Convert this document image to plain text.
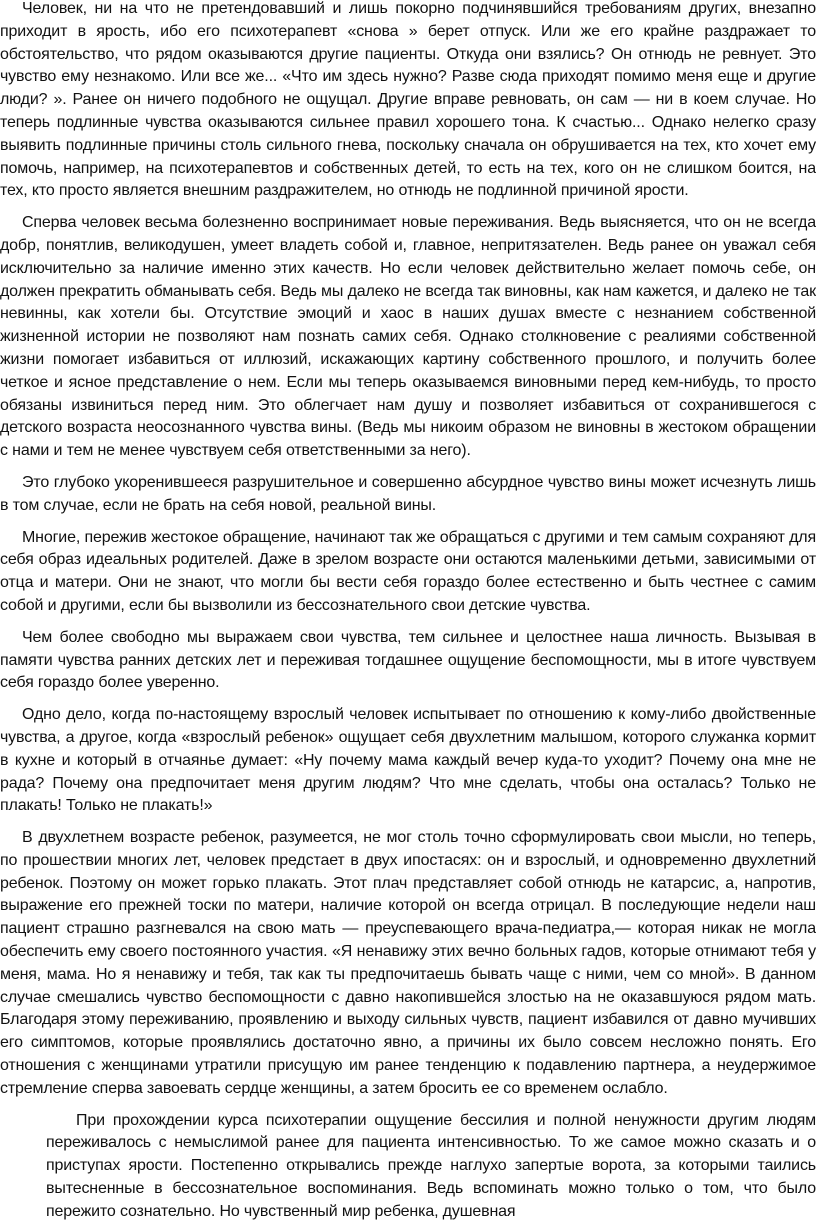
Человек, ни на что не претендовавший и лишь покорно подчинявшийся требованиям других, внезапно приходит в ярость, ибо его психотерапевт «снова » берет отпуск. Или же его крайне раздражает то обстоятельство, что рядом оказываются другие пациенты. Откуда они взялись? Он отнюдь не ревнует. Это чувство ему незнакомо. Или все же... «Что им здесь нужно? Разве сюда приходят помимо меня еще и другие люди? ». Ранее он ничего подобного не ощущал. Другие вправе ревновать, он сам — ни в коем случае. Но теперь подлинные чувства оказываются сильнее правил хорошего тона. К счастью... Однако нелегко сразу выявить подлинные причины столь сильного гнева, поскольку сначала он обрушивается на тех, кто хочет ему помочь, например, на психотерапевтов и собственных детей, то есть на тех, кого он не слишком боится, на тех, кто просто является внешним раздражителем, но отнюдь не подлинной причиной ярости.

Сперва человек весьма болезненно воспринимает новые переживания. Ведь выясняется, что он не всегда добр, понятлив, великодушен, умеет владеть собой и, главное, непритязателен. Ведь ранее он уважал себя исключительно за наличие именно этих качеств. Но если человек действительно желает помочь себе, он должен прекратить обманывать себя. Ведь мы далеко не всегда так виновны, как нам кажется, и далеко не так невинны, как хотели бы. Отсутствие эмоций и хаос в наших душах вместе с незнанием собственной жизненной истории не позволяют нам познать самих себя. Однако столкновение с реалиями собственной жизни помогает избавиться от иллюзий, искажающих картину собственного прошлого, и получить более четкое и ясное представление о нем. Если мы теперь оказываемся виновными перед кем-нибудь, то просто обязаны извиниться перед ним. Это облегчает нам душу и позволяет избавиться от сохранившегося с детского возраста неосознанного чувства вины. (Ведь мы никоим образом не виновны в жестоком обращении с нами и тем не менее чувствуем себя ответственными за него).

Это глубоко укоренившееся разрушительное и совершенно абсурдное чувство вины может исчезнуть лишь в том случае, если не брать на себя новой, реальной вины.

Многие, пережив жестокое обращение, начинают так же обращаться с другими и тем самым сохраняют для себя образ идеальных родителей. Даже в зрелом возрасте они остаются маленькими детьми, зависимыми от отца и матери. Они не знают, что могли бы вести себя гораздо более естественно и быть честнее с самим собой и другими, если бы вызволили из бессознательного свои детские чувства.

Чем более свободно мы выражаем свои чувства, тем сильнее и целостнее наша личность. Вызывая в памяти чувства ранних детских лет и переживая тогдашнее ощущение беспомощности, мы в итоге чувствуем себя гораздо более уверенно.

Одно дело, когда по-настоящему взрослый человек испытывает по отношению к кому-либо двойственные чувства, а другое, когда «взрослый ребенок» ощущает себя двухлетним малышом, которого служанка кормит в кухне и который в отчаянье думает: «Ну почему мама каждый вечер куда-то уходит? Почему она мне не рада? Почему она предпочитает меня другим людям? Что мне сделать, чтобы она осталась? Только не плакать! Только не плакать!»

В двухлетнем возрасте ребенок, разумеется, не мог столь точно сформулировать свои мысли, но теперь, по прошествии многих лет, человек предстает в двух ипостасях: он и взрослый, и одновременно двухлетний ребенок. Поэтому он может горько плакать. Этот плач представляет собой отнюдь не катарсис, а, напротив, выражение его прежней тоски по матери, наличие которой он всегда отрицал. В последующие недели наш пациент страшно разгневался на свою мать — преуспевающего врача-педиатра,— которая никак не могла обеспечить ему своего постоянного участия. «Я ненавижу этих вечно больных гадов, которые отнимают тебя у меня, мама. Но я ненавижу и тебя, так как ты предпочитаешь бывать чаще с ними, чем со мной». В данном случае смешались чувство беспомощности с давно накопившейся злостью на не оказавшуюся рядом мать. Благодаря этому переживанию, проявлению и выходу сильных чувств, пациент избавился от давно мучивших его симптомов, которые проявлялись достаточно явно, а причины их было совсем несложно понять. Его отношения с женщинами утратили присущую им ранее тенденцию к подавлению партнера, а неудержимое стремление сперва завоевать сердце женщины, а затем бросить ее со временем ослабло.

При прохождении курса психотерапии ощущение бессилия и полной ненужности другим людям переживалось с немыслимой ранее для пациента интенсивностью. То же самое можно сказать и о приступах ярости. Постепенно открывались прежде наглухо запертые ворота, за которыми таились вытесненные в бессознательное воспоминания. Ведь вспоминать можно только о том, что было пережито сознательно. Но чувственный мир ребенка, душевная
